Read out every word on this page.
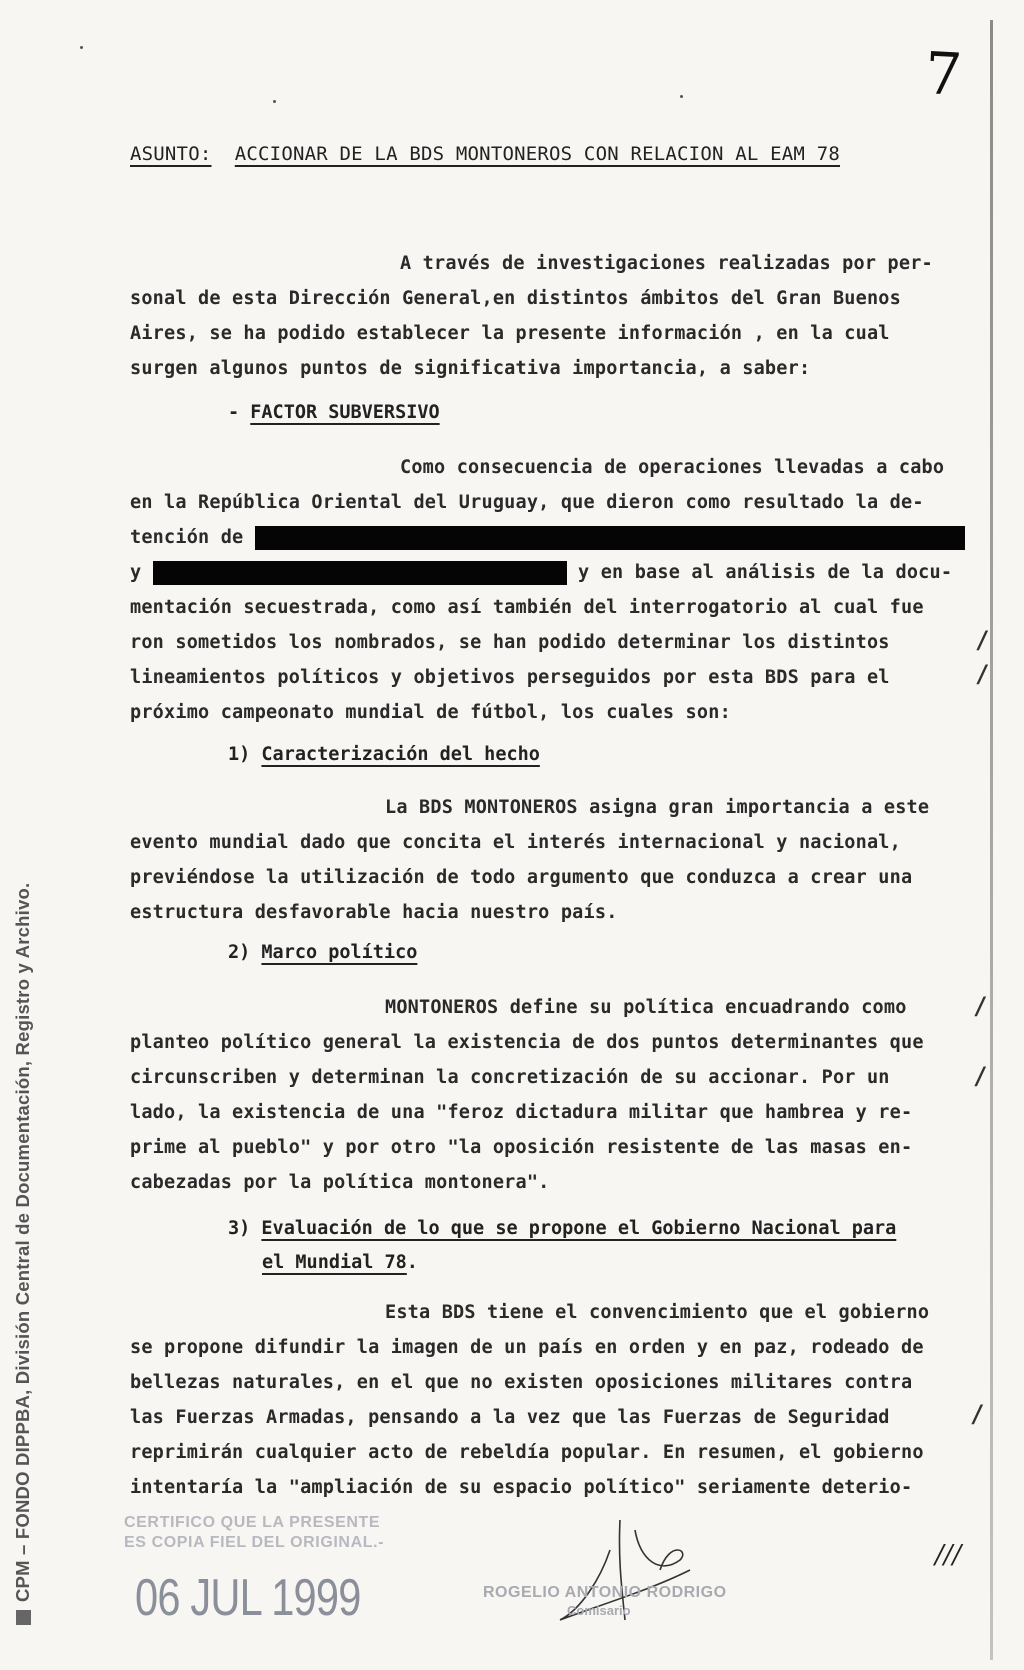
7
ASUNTO: ACCIONAR DE LA BDS MONTONEROS CON RELACION AL EAM 78
A través de investigaciones realizadas por per-
sonal de esta Dirección General,en distintos ámbitos del Gran Buenos
Aires, se ha podido establecer la presente información , en la cual
surgen algunos puntos de significativa importancia, a saber:
- FACTOR SUBVERSIVO
Como consecuencia de operaciones llevadas a cabo
en la República Oriental del Uruguay, que dieron como resultado la de-
tención de
y	y en base al análisis de la docu-
mentación secuestrada, como así también del interrogatorio al cual fue
ron sometidos los nombrados, se han podido determinar los distintos
lineamientos políticos y objetivos perseguidos por esta BDS para el
próximo campeonato mundial de fútbol, los cuales son:
1) Caracterización del hecho
La BDS MONTONEROS asigna gran importancia a este
evento mundial dado que concita el interés internacional y nacional,
previéndose la utilización de todo argumento que conduzca a crear una
estructura desfavorable hacia nuestro país.
2) Marco político
MONTONEROS define su política encuadrando como
planteo político general la existencia de dos puntos determinantes que
circunscriben y determinan la concretización de su accionar. Por un
lado, la existencia de una "feroz dictadura militar que hambrea y re-
prime al pueblo" y por otro "la oposición resistente de las masas en-
cabezadas por la política montonera".
3) Evaluación de lo que se propone el Gobierno Nacional para
el Mundial 78.
Esta BDS tiene el convencimiento que el gobierno
se propone difundir la imagen de un país en orden y en paz, rodeado de
bellezas naturales, en el que no existen oposiciones militares contra
las Fuerzas Armadas, pensando a la vez que las Fuerzas de Seguridad
reprimirán cualquier acto de rebeldía popular. En resumen, el gobierno
intentaría la "ampliación de su espacio político" seriamente deterio-
/
/
/
/
/
///
CERTIFICO QUE LA PRESENTE
ES COPIA FIEL DEL ORIGINAL.-
06 JUL 1999	ROGELIO ANTONIO RODRIGO
Comisario
CPM – FONDO DIPPBA, División Central de Documentación, Registro y Archivo.
